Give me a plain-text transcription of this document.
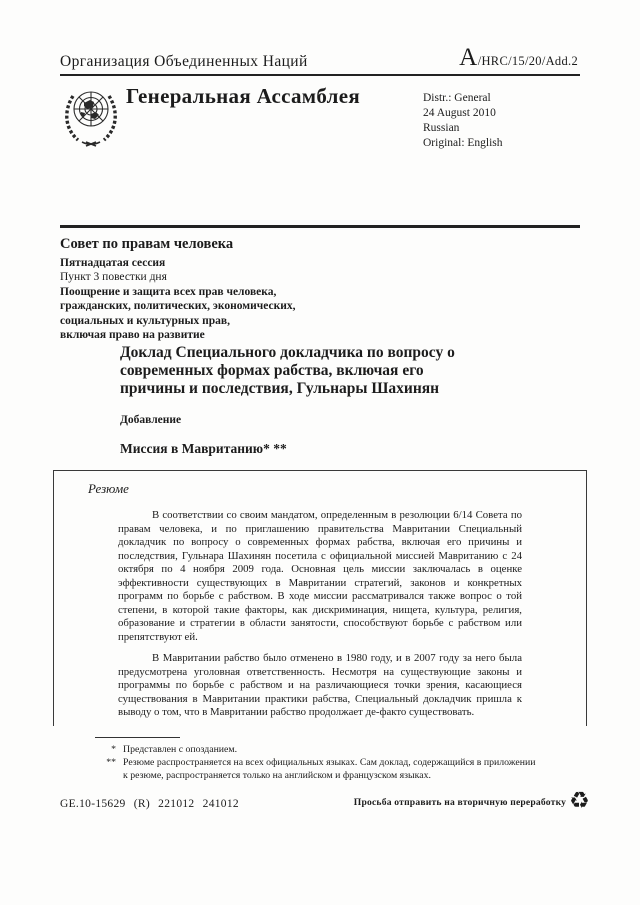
Организация Объединенных Наций	A /HRC/15/20/Add.2
Генеральная Ассамблея	Distr.: General
24 August 2010
Russian
Original: English
Совет по правам человека
Пятнадцатая сессия
Пункт 3 повестки дня
Поощрение и защита всех прав человека,
гражданских, политических, экономических,
социальных и культурных прав,
включая право на развитие

Доклад Специального докладчика по вопросу о современных формах рабства, включая его причины и последствия, Гульнары Шахинян

Добавление
Миссия в Мавританию* **
Резюме

В соответствии со своим мандатом, определенным в резолюции 6/14 Совета по правам человека, и по приглашению правительства Мавритании Специальный докладчик по вопросу о современных формах рабства, включая его причины и последствия, Гульнара Шахинян посетила с официальной миссией Мавританию с 24 октября по 4 ноября 2009 года. Основная цель миссии заключалась в оценке эффективности существующих в Мавритании стратегий, законов и конкретных программ по борьбе с рабством. В ходе миссии рассматривался также вопрос о той степени, в которой такие факторы, как дискриминация, нищета, культура, религия, образование и стратегии в области занятости, способствуют борьбе с рабством или препятствуют ей.

В Мавритании рабство было отменено в 1980 году, и в 2007 году за него была предусмотрена уголовная ответственность. Несмотря на существующие законы и программы по борьбе с рабством и на различающиеся точки зрения, касающиеся существования в Мавритании практики рабства, Специальный докладчик пришла к выводу о том, что в Мавритании рабство продолжает де-факто существовать.

* Представлен с опозданием.
** Резюме распространяется на всех официальных языках. Сам доклад, содержащийся в приложении к резюме, распространяется только на английском и французском языках.
GE.10-15629 (R) 221012 241012	Просьба отправить на вторичную переработку ♻
